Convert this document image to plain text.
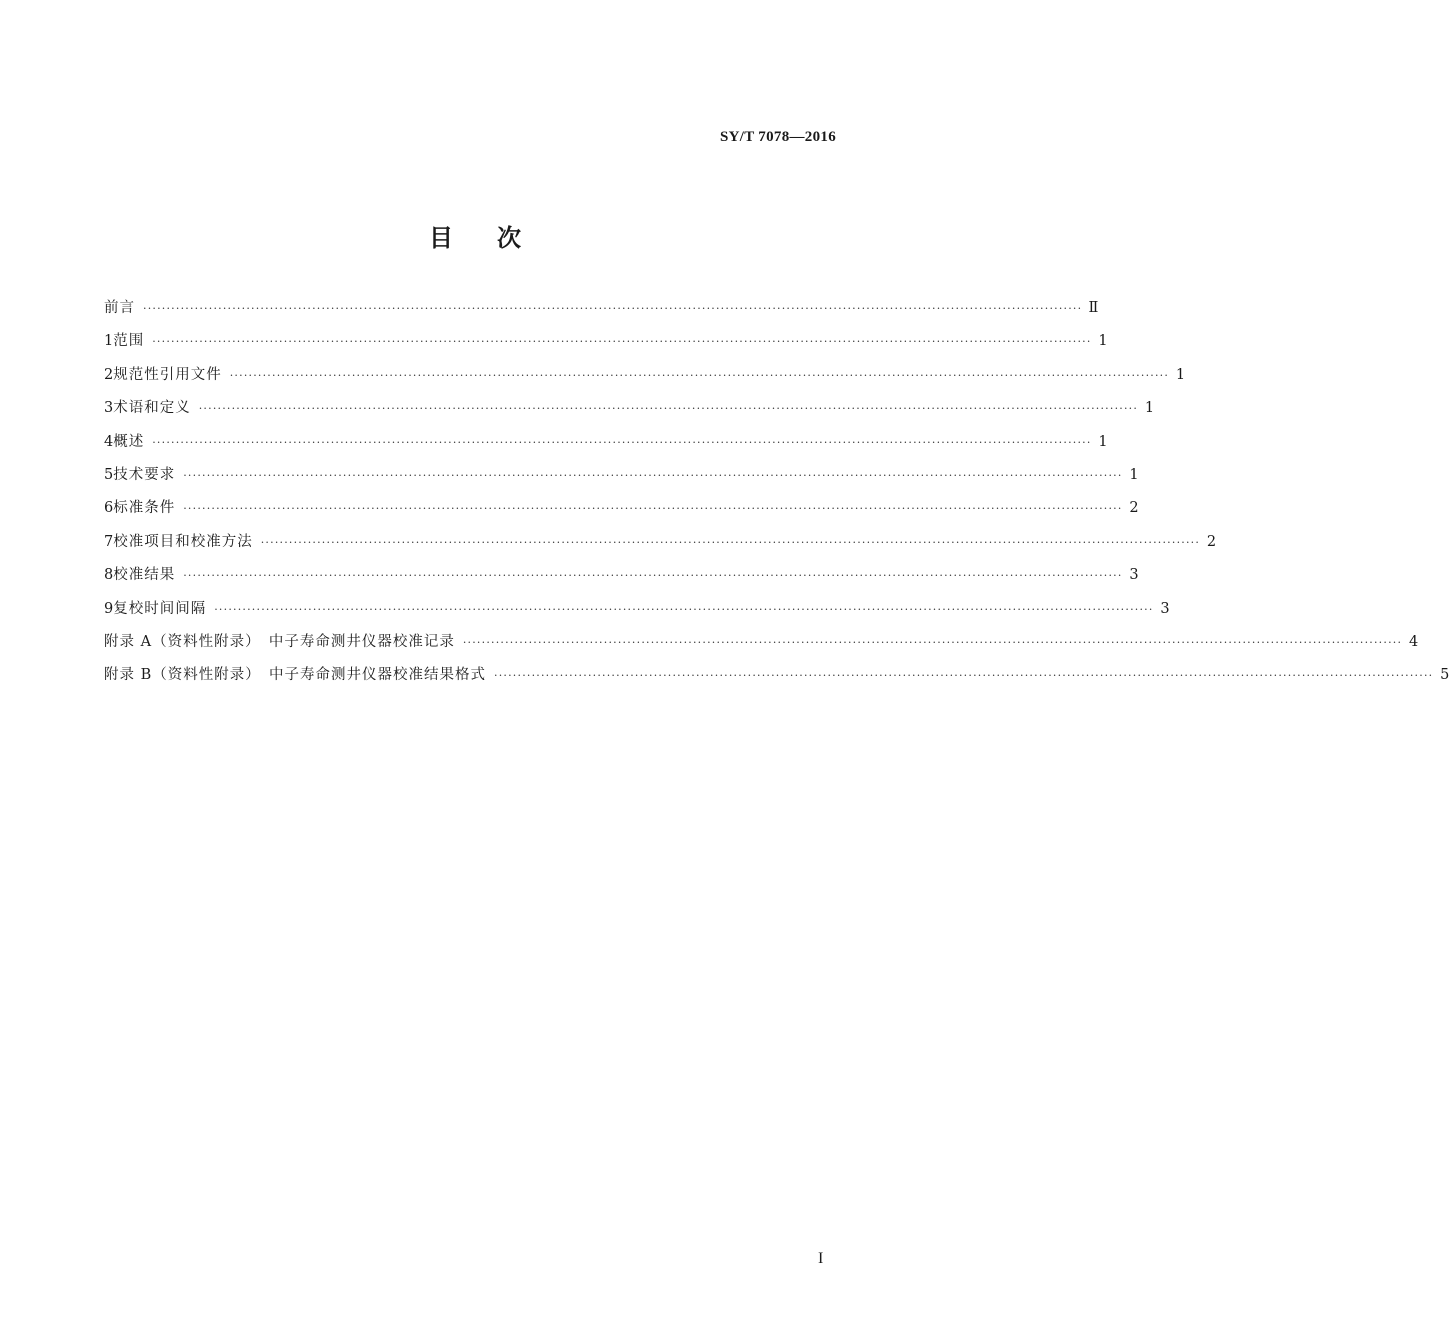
SY/T 7078—2016
目 次
前言 ········································································································································································································ Ⅱ
1 范围 ········································································································································································································ 1
2 规范性引用文件 ········································································································································································································ 1
3 术语和定义 ········································································································································································································ 1
4 概述 ········································································································································································································ 1
5 技术要求 ········································································································································································································ 1
6 标准条件 ········································································································································································································ 2
7 校准项目和校准方法 ········································································································································································································ 2
8 校准结果 ········································································································································································································ 3
9 复校时间间隔 ········································································································································································································ 3
附录 A（资料性附录）　中子寿命测井仪器校准记录 ········································································································································································································ 4
附录 B（资料性附录）　中子寿命测井仪器校准结果格式 ········································································································································································································ 5
I
